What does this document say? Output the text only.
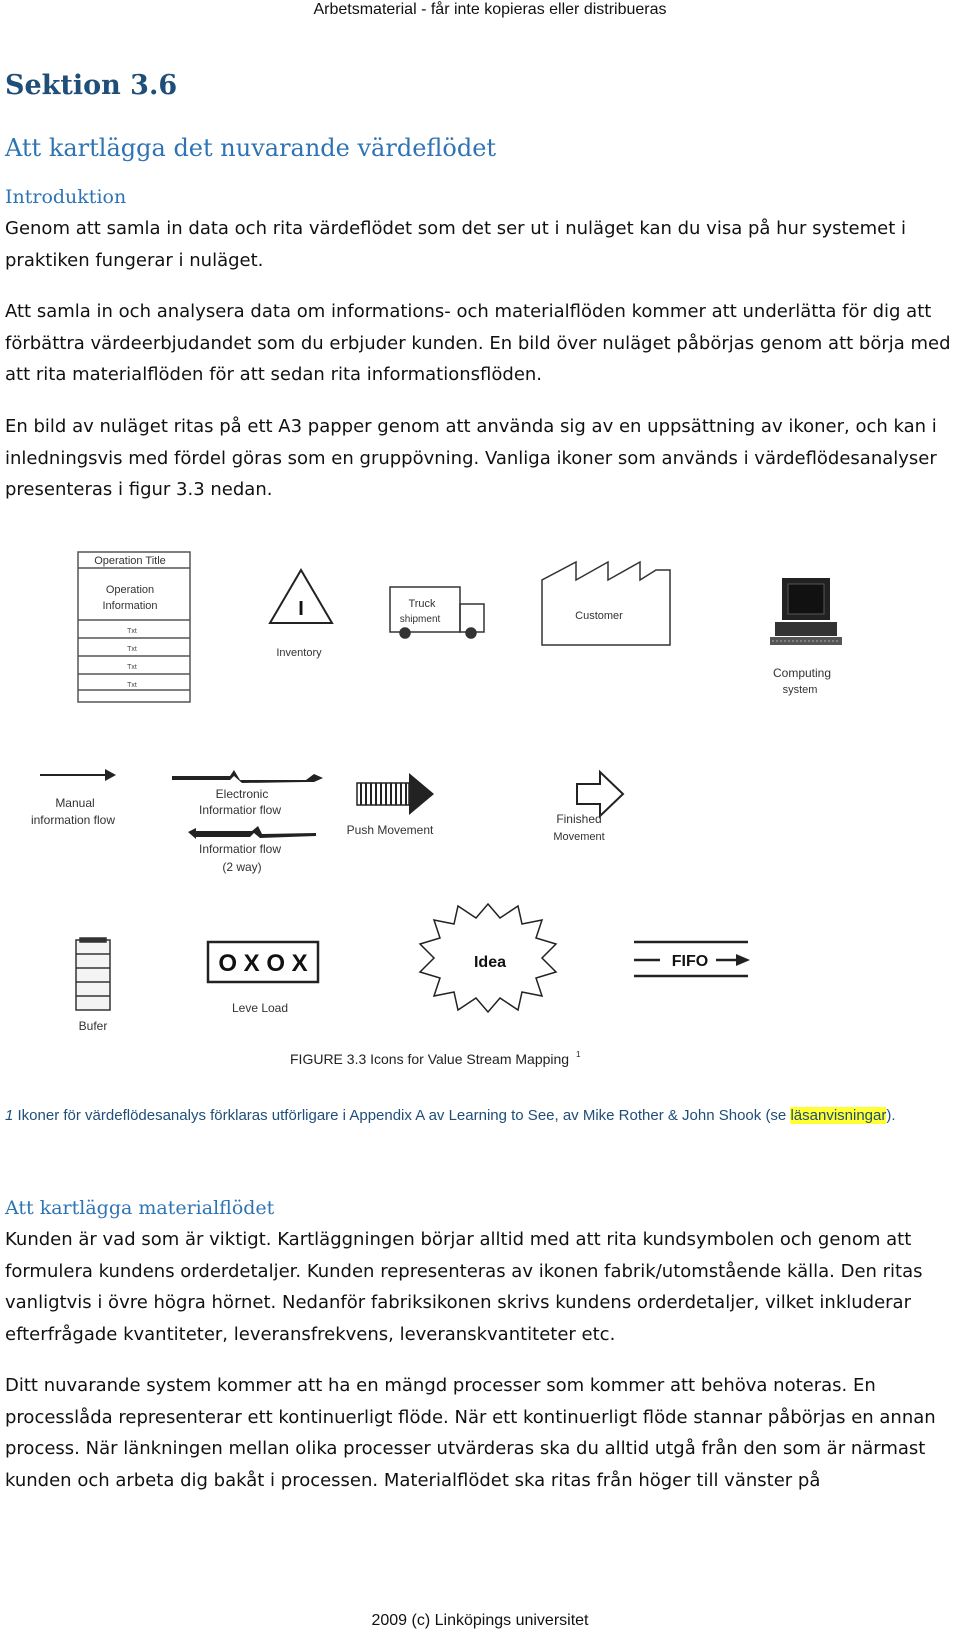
Arbetsmaterial - får inte kopieras eller distribueras
Sektion 3.6
Att kartlägga det nuvarande värdeflödet
Introduktion
Genom att samla in data och rita värdeflödet som det ser ut i nuläget kan du visa på hur systemet i praktiken fungerar i nuläget.
Att samla in och analysera data om informations- och materialflöden kommer att underlätta för dig att förbättra värdeerbjudandet som du erbjuder kunden. En bild över nuläget påbörjas genom att börja med att rita materialflöden för att sedan rita informationsflöden.
En bild av nuläget ritas på ett A3 papper genom att använda sig av en uppsättning av ikoner, och kan i inledningsvis med fördel göras som en gruppövning. Vanliga ikoner som används i värdeflödesanalyser presenteras i figur 3.3 nedan.
Operation Title
Operation
Information
Txt
Txt
Txt
Txt
I
Inventory
Truck
shipment	Customer
Computing
system
Manual
information flow
Electronic
Informatior flow
Informatior flow
(2 way)
Push Movement
Finished
Movement
Bufer
O X O X
Leve Load
Idea	FIFO
FIGURE 3.3 Icons for Value Stream Mapping 1
1 Ikoner för värdeflödesanalys förklaras utförligare i Appendix A av Learning to See, av Mike Rother & John Shook (se läsanvisningar).
Att kartlägga materialflödet
Kunden är vad som är viktigt. Kartläggningen börjar alltid med att rita kundsymbolen och genom att formulera kundens orderdetaljer. Kunden representeras av ikonen fabrik/utomstående källa. Den ritas vanligtvis i övre högra hörnet. Nedanför fabriksikonen skrivs kundens orderdetaljer, vilket inkluderar efterfrågade kvantiteter, leveransfrekvens, leveranskvantiteter etc.
Ditt nuvarande system kommer att ha en mängd processer som kommer att behöva noteras. En processlåda representerar ett kontinuerligt flöde. När ett kontinuerligt flöde stannar påbörjas en annan process. När länkningen mellan olika processer utvärderas ska du alltid utgå från den som är närmast kunden och arbeta dig bakåt i processen. Materialflödet ska ritas från höger till vänster på
2009 (c) Linköpings universitet
